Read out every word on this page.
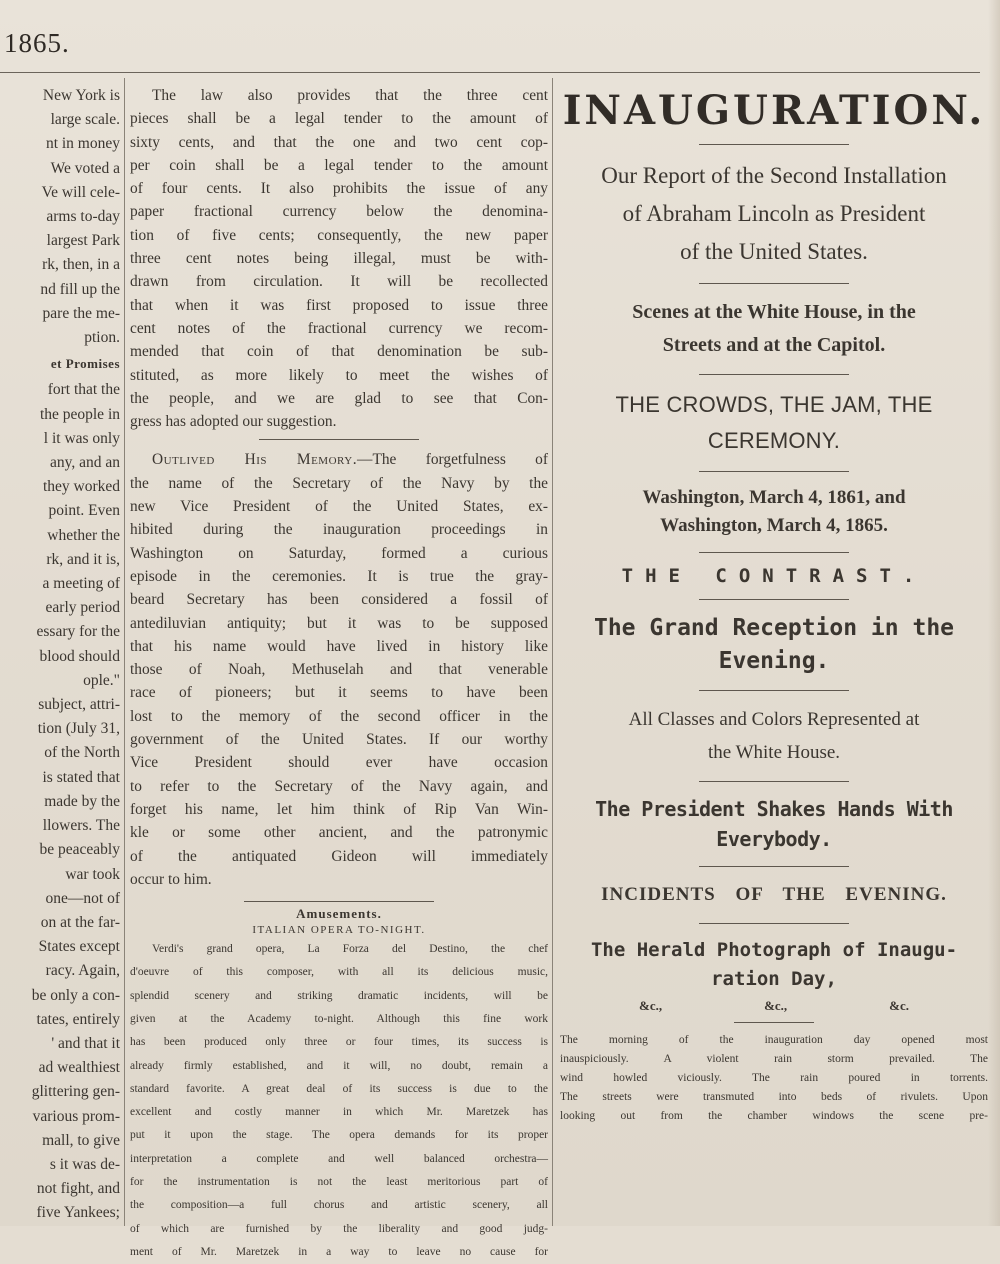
1865.
New York is
large scale.
nt in money
We voted a
Ve will cele-
arms to-day
largest Park
rk, then, in a
nd fill up the
pare the me-
ption.
et Promises
fort that the
the people in
l it was only
any, and an
they worked
point. Even
whether the
rk, and it is,
a meeting of
early period
essary for the
blood should
ople."
subject, attri-
tion (July 31,
of the North
is stated that
made by the
llowers. The
be peaceably
war took
one—not of
on at the far-
States except
racy. Again,
be only a con-
tates, entirely
' and that it
ad wealthiest
glittering gen-
various prom-
mall, to give
s it was de-
not fight, and
five Yankees;
The law also provides that the three cent
pieces shall be a legal tender to the amount of
sixty cents, and that the one and two cent cop-
per coin shall be a legal tender to the amount
of four cents. It also prohibits the issue of any
paper fractional currency below the denomina-
tion of five cents; consequently, the new paper
three cent notes being illegal, must be with-
drawn from circulation. It will be recollected
that when it was first proposed to issue three
cent notes of the fractional currency we recom-
mended that coin of that denomination be sub-
stituted, as more likely to meet the wishes of
the people, and we are glad to see that Con-
gress has adopted our suggestion.
Outlived His Memory.—The forgetfulness of
the name of the Secretary of the Navy by the
new Vice President of the United States, ex-
hibited during the inauguration proceedings in
Washington on Saturday, formed a curious
episode in the ceremonies. It is true the gray-
beard Secretary has been considered a fossil of
antediluvian antiquity; but it was to be supposed
that his name would have lived in history like
those of Noah, Methuselah and that venerable
race of pioneers; but it seems to have been
lost to the memory of the second officer in the
government of the United States. If our worthy
Vice President should ever have occasion
to refer to the Secretary of the Navy again, and
forget his name, let him think of Rip Van Win-
kle or some other ancient, and the patronymic
of the antiquated Gideon will immediately
occur to him.
Amusements.
ITALIAN OPERA TO-NIGHT.
Verdi's grand opera, La Forza del Destino, the chef
d'oeuvre of this composer, with all its delicious music,
splendid scenery and striking dramatic incidents, will be
given at the Academy to-night. Although this fine work
has been produced only three or four times, its success is
already firmly established, and it will, no doubt, remain a
standard favorite. A great deal of its success is due to the
excellent and costly manner in which Mr. Maretzek has
put it upon the stage. The opera demands for its proper
interpretation a complete and well balanced orchestra—
for the instrumentation is not the least meritorious part of
the composition—a full chorus and artistic scenery, all
of which are furnished by the liberality and good judg-
ment of Mr. Maretzek in a way to leave no cause for
INAUGURATION.
Our Report of the Second Installation
of Abraham Lincoln as President
of the United States.
Scenes at the White House, in the
Streets and at the Capitol.
THE CROWDS, THE JAM, THE CEREMONY.
Washington, March 4, 1861, and
Washington, March 4, 1865.
THE CONTRAST.
The Grand Reception in the
Evening.
All Classes and Colors Represented at
the White House.
The President Shakes Hands With
Everybody.
INCIDENTS OF THE EVENING.
The Herald Photograph of Inaugu-
ration Day,
&c.,	&c.,	&c.
The morning of the inauguration day opened most
inauspiciously. A violent rain storm prevailed. The
wind howled viciously. The rain poured in torrents.
The streets were transmuted into beds of rivulets. Upon
looking out from the chamber windows the scene pre-
